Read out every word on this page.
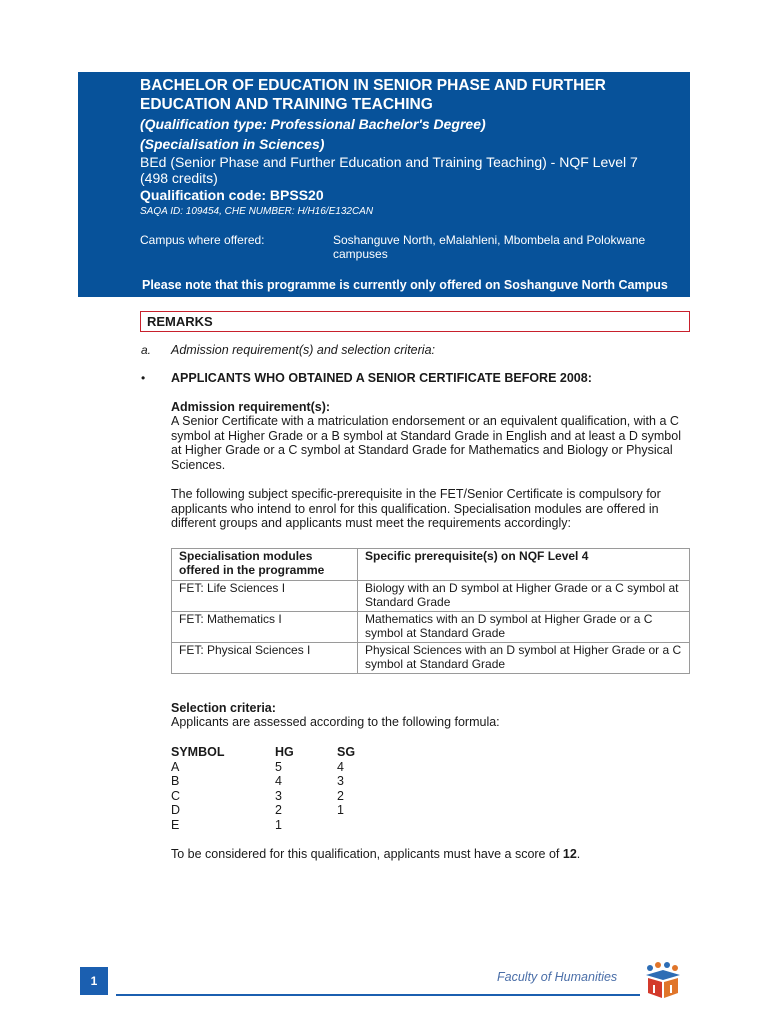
BACHELOR OF EDUCATION IN SENIOR PHASE AND FURTHER
EDUCATION AND TRAINING TEACHING
(Qualification type: Professional Bachelor's Degree)
(Specialisation in Sciences)
BEd (Senior Phase and Further Education and Training Teaching) - NQF Level 7
(498 credits)
Qualification code: BPSS20
SAQA ID: 109454, CHE NUMBER: H/H16/E132CAN
Campus where offered:	Soshanguve North, eMalahleni, Mbombela and Polokwane campuses
Please note that this programme is currently only offered on Soshanguve North Campus
REMARKS
a. Admission requirement(s) and selection criteria:
• APPLICANTS WHO OBTAINED A SENIOR CERTIFICATE BEFORE 2008:
Admission requirement(s):
A Senior Certificate with a matriculation endorsement or an equivalent qualification, with a C symbol at Higher Grade or a B symbol at Standard Grade in English and at least a D symbol at Higher Grade or a C symbol at Standard Grade for Mathematics and Biology or Physical Sciences.
The following subject specific-prerequisite in the FET/Senior Certificate is compulsory for applicants who intend to enrol for this qualification. Specialisation modules are offered in different groups and applicants must meet the requirements accordingly:
Specialisation modules offered in the programme	Specific prerequisite(s) on NQF Level 4
FET: Life Sciences I	Biology with an D symbol at Higher Grade or a C symbol at Standard Grade
FET: Mathematics I	Mathematics with an D symbol at Higher Grade or a C symbol at Standard Grade
FET: Physical Sciences I	Physical Sciences with an D symbol at Higher Grade or a C symbol at Standard Grade
Selection criteria:
Applicants are assessed according to the following formula:
SYMBOL	HG	SG
A	5	4
B	4	3
C	3	2
D	2	1
E	1
To be considered for this qualification, applicants must have a score of 12.
1	Faculty of Humanities
